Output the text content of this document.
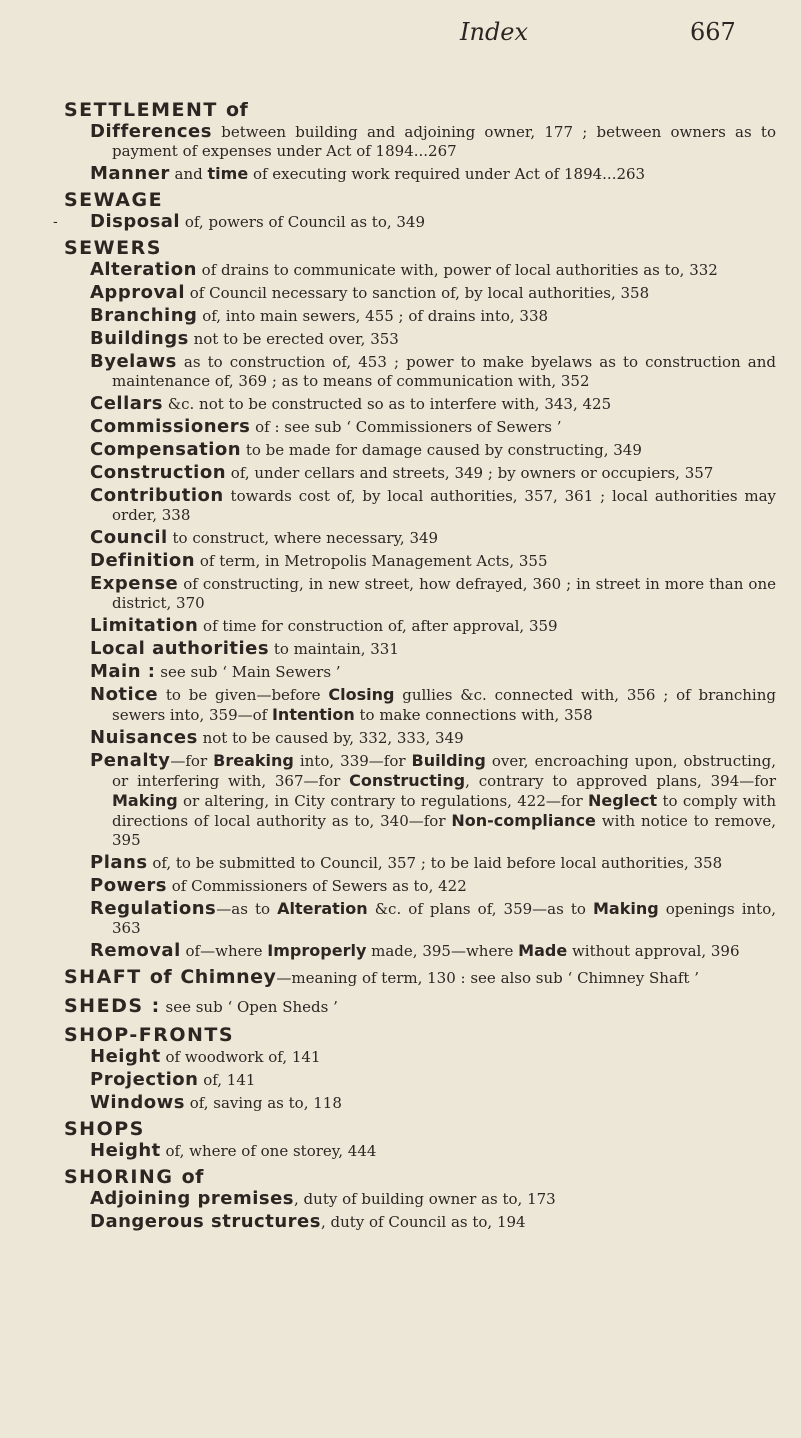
Index	667
-
SETTLEMENT of
Differences between building and adjoining owner, 177 ; between owners as to payment of expenses under Act of 1894...267
Manner and time of executing work required under Act of 1894...263
SEWAGE
Disposal of, powers of Council as to, 349
SEWERS
Alteration of drains to communicate with, power of local authorities as to, 332
Approval of Council necessary to sanction of, by local authorities, 358
Branching of, into main sewers, 455 ; of drains into, 338
Buildings not to be erected over, 353
Byelaws as to construction of, 453 ; power to make byelaws as to construction and maintenance of, 369 ; as to means of communication with, 352
Cellars &c. not to be constructed so as to interfere with, 343, 425
Commissioners of : see sub ‘ Commissioners of Sewers ’
Compensation to be made for damage caused by constructing, 349
Construction of, under cellars and streets, 349 ; by owners or occupiers, 357
Contribution towards cost of, by local authorities, 357, 361 ; local authorities may order, 338
Council to construct, where necessary, 349
Definition of term, in Metropolis Management Acts, 355
Expense of constructing, in new street, how defrayed, 360 ; in street in more than one district, 370
Limitation of time for construction of, after approval, 359
Local authorities to maintain, 331
Main : see sub ‘ Main Sewers ’
Notice to be given—before Closing gullies &c. connected with, 356 ; of branching sewers into, 359—of Intention to make connections with, 358
Nuisances not to be caused by, 332, 333, 349
Penalty—for Breaking into, 339—for Building over, encroaching upon, obstructing, or interfering with, 367—for Constructing, contrary to approved plans, 394—for Making or altering, in City contrary to regulations, 422—for Neglect to comply with directions of local authority as to, 340—for Non-compliance with notice to remove, 395
Plans of, to be submitted to Council, 357 ; to be laid before local authorities, 358
Powers of Commissioners of Sewers as to, 422
Regulations—as to Alteration &c. of plans of, 359—as to Making openings into, 363
Removal of—where Improperly made, 395—where Made without approval, 396
SHAFT of Chimney—meaning of term, 130 : see also sub ‘ Chimney Shaft ’
SHEDS : see sub ‘ Open Sheds ’
SHOP-FRONTS
Height of woodwork of, 141
Projection of, 141
Windows of, saving as to, 118
SHOPS
Height of, where of one storey, 444
SHORING of
Adjoining premises, duty of building owner as to, 173
Dangerous structures, duty of Council as to, 194
